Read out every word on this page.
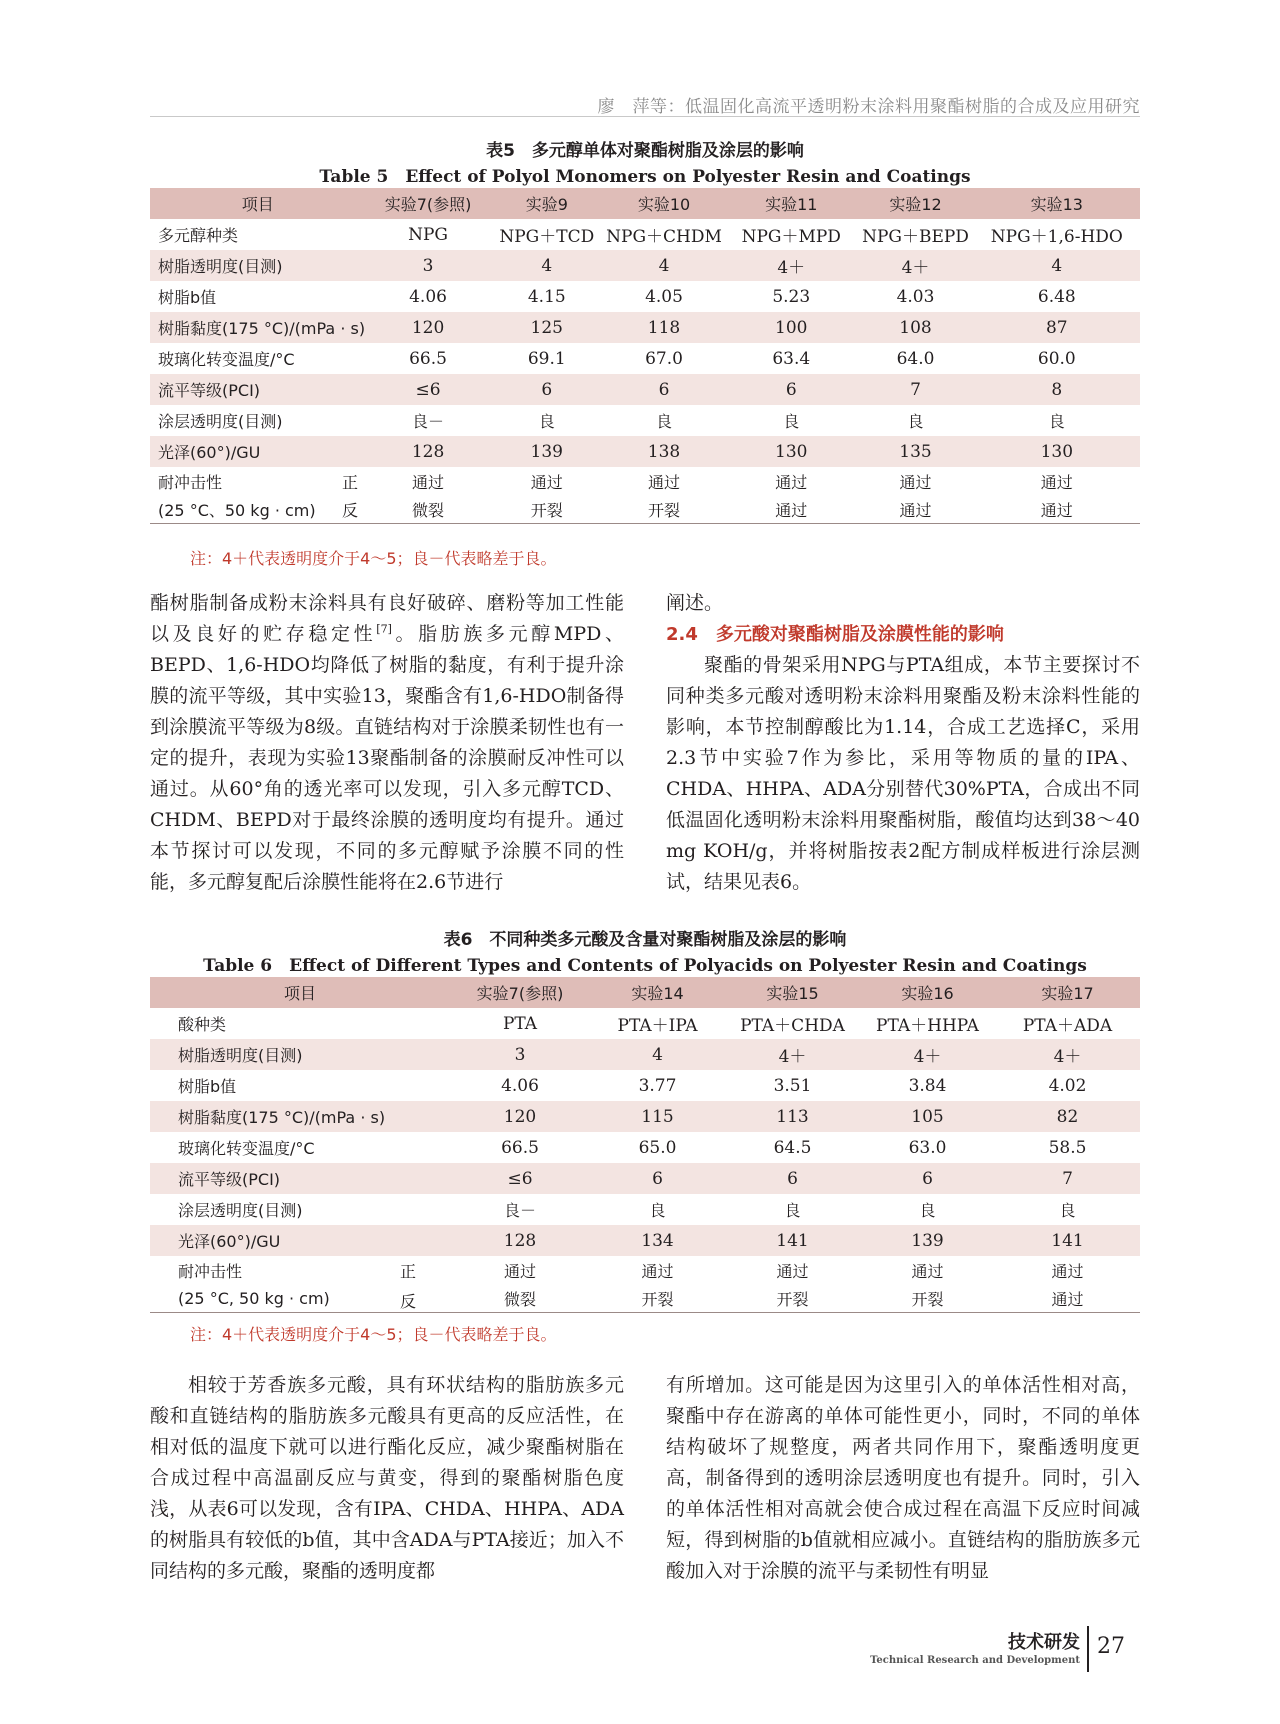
廖　萍等：低温固化高流平透明粉末涂料用聚酯树脂的合成及应用研究
表5　多元醇单体对聚酯树脂及涂层的影响
Table 5　Effect of Polyol Monomers on Polyester Resin and Coatings
项目	实验7(参照)	实验9	实验10	实验11	实验12	实验13
多元醇种类	NPG	NPG＋TCD	NPG＋CHDM	NPG＋MPD	NPG＋BEPD	NPG＋1,6-HDO
树脂透明度(目测)	3	4	4	4＋	4＋	4
树脂b值	4.06	4.15	4.05	5.23	4.03	6.48
树脂黏度(175 °C)/(mPa · s)	120	125	118	100	108	87
玻璃化转变温度/°C	66.5	69.1	67.0	63.4	64.0	60.0
流平等级(PCI)	≤6	6	6	6	7	8
涂层透明度(目测)	良－	良	良	良	良	良
光泽(60°)/GU	128	139	138	130	135	130
耐冲击性 正	通过	通过	通过	通过	通过	通过
(25 °C、50 kg · cm) 反	微裂	开裂	开裂	通过	通过	通过
注：4＋代表透明度介于4～5；良－代表略差于良。

酯树脂制备成粉末涂料具有良好破碎、磨粉等加工性能以及良好的贮存稳定性[7]。脂肪族多元醇MPD、BEPD、1,6-HDO均降低了树脂的黏度，有利于提升涂膜的流平等级，其中实验13，聚酯含有1,6-HDO制备得到涂膜流平等级为8级。直链结构对于涂膜柔韧性也有一定的提升，表现为实验13聚酯制备的涂膜耐反冲性可以通过。从60°角的透光率可以发现，引入多元醇TCD、CHDM、BEPD对于最终涂膜的透明度均有提升。通过本节探讨可以发现，不同的多元醇赋予涂膜不同的性能，多元醇复配后涂膜性能将在2.6节进行

阐述。

2.4　多元酸对聚酯树脂及涂膜性能的影响

聚酯的骨架采用NPG与PTA组成，本节主要探讨不同种类多元酸对透明粉末涂料用聚酯及粉末涂料性能的影响，本节控制醇酸比为1.14，合成工艺选择C，采用2.3节中实验7作为参比，采用等物质的量的IPA、CHDA、HHPA、ADA分别替代30%PTA，合成出不同低温固化透明粉末涂料用聚酯树脂，酸值均达到38～40 mg KOH/g，并将树脂按表2配方制成样板进行涂层测试，结果见表6。

表6　不同种类多元酸及含量对聚酯树脂及涂层的影响
Table 6　Effect of Different Types and Contents of Polyacids on Polyester Resin and Coatings
项目	实验7(参照)	实验14	实验15	实验16	实验17
酸种类	PTA	PTA＋IPA	PTA＋CHDA	PTA＋HHPA	PTA＋ADA
树脂透明度(目测)	3	4	4＋	4＋	4＋
树脂b值	4.06	3.77	3.51	3.84	4.02
树脂黏度(175 °C)/(mPa · s)	120	115	113	105	82
玻璃化转变温度/°C	66.5	65.0	64.5	63.0	58.5
流平等级(PCI)	≤6	6	6	6	7
涂层透明度(目测)	良－	良	良	良	良
光泽(60°)/GU	128	134	141	139	141
耐冲击性 正	通过	通过	通过	通过	通过
(25 °C, 50 kg · cm) 反	微裂	开裂	开裂	开裂	通过
注：4＋代表透明度介于4～5；良－代表略差于良。

相较于芳香族多元酸，具有环状结构的脂肪族多元酸和直链结构的脂肪族多元酸具有更高的反应活性，在相对低的温度下就可以进行酯化反应，减少聚酯树脂在合成过程中高温副反应与黄变，得到的聚酯树脂色度浅，从表6可以发现，含有IPA、CHDA、HHPA、ADA的树脂具有较低的b值，其中含ADA与PTA接近；加入不同结构的多元酸，聚酯的透明度都

有所增加。这可能是因为这里引入的单体活性相对高，聚酯中存在游离的单体可能性更小，同时，不同的单体结构破坏了规整度，两者共同作用下，聚酯透明度更高，制备得到的透明涂层透明度也有提升。同时，引入的单体活性相对高就会使合成过程在高温下反应时间减短，得到树脂的b值就相应减小。直链结构的脂肪族多元酸加入对于涂膜的流平与柔韧性有明显

技术研发
Technical Research and Development
27
